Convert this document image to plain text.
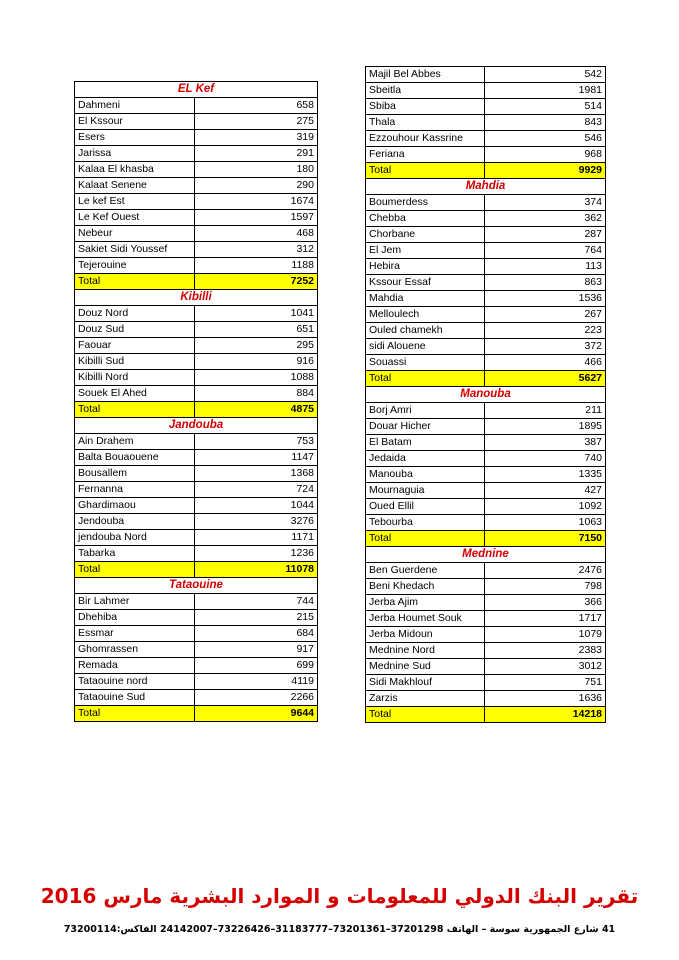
EL Kef	
Dahmeni	658
El Kssour	275
Esers	319
Jarissa	291
Kalaa El khasba	180
Kalaat Senene	290
Le kef Est	1674
Le Kef Ouest	1597
Nebeur	468
Sakiet Sidi Youssef	312
Tejerouine	1188
Total	7252
Kibilli	
Douz Nord	1041
Douz Sud	651
Faouar	295
Kibilli Sud	916
Kibilli Nord	1088
Souek El Ahed	884
Total	4875
Jandouba	
Ain Drahem	753
Balta Bouaouene	1147
Bousallem	1368
Fernanna	724
Ghardimaou	1044
Jendouba	3276
jendouba Nord	1171
Tabarka	1236
Total	11078
Tataouine	
Bir Lahmer	744
Dhehiba	215
Essmar	684
Ghomrassen	917
Remada	699
Tataouine nord	4119
Tataouine Sud	2266
Total	9644
Majil Bel Abbes	542
Sbeitla	1981
Sbiba	514
Thala	843
Ezzouhour Kassrine	546
Feriana	968
Total	9929
Mahdia	
Boumerdess	374
Chebba	362
Chorbane	287
El Jem	764
Hebira	113
Kssour Essaf	863
Mahdia	1536
Melloulech	267
Ouled chamekh	223
sidi Alouene	372
Souassi	466
Total	5627
Manouba	
Borj Amri	211
Douar Hicher	1895
El Batam	387
Jedaida	740
Manouba	1335
Mournaguia	427
Oued Ellil	1092
Tebourba	1063
Total	7150
Mednine	
Ben Guerdene	2476
Beni Khedach	798
Jerba Ajim	366
Jerba Houmet Souk	1717
Jerba Midoun	1079
Mednine Nord	2383
Mednine Sud	3012
Sidi Makhlouf	751
Zarzis	1636
Total	14218
تقرير البنك الدولي للمعلومات و الموارد البشرية مارس 2016
41 شارع الجمهورية سوسة – الهاتف 37201298–73201361–31183777–73226426–24142007 الفاكس:73200114
